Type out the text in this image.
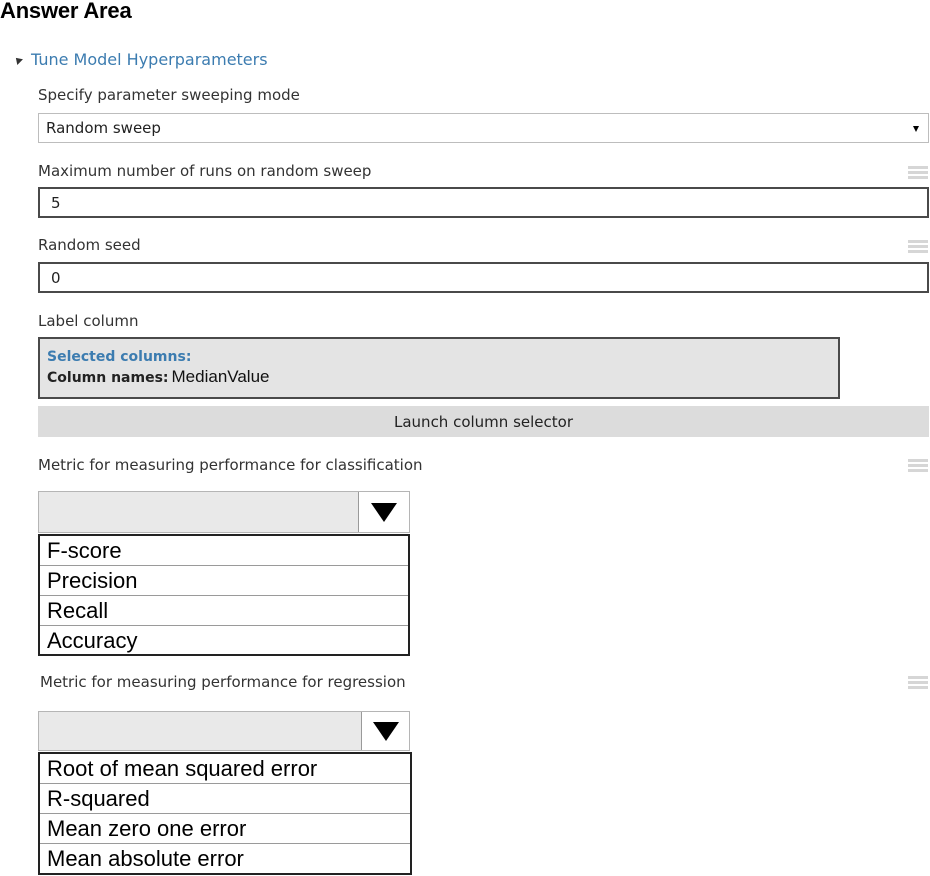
Answer Area
Tune Model Hyperparameters
Specify parameter sweeping mode
Random sweep
Maximum number of runs on random sweep
5
Random seed
0
Label column
Selected columns:
Column names: MedianValue
Launch column selector
Metric for measuring performance for classification
F-score
Precision
Recall
Accuracy
Metric for measuring performance for regression
Root of mean squared error
R-squared
Mean zero one error
Mean absolute error
